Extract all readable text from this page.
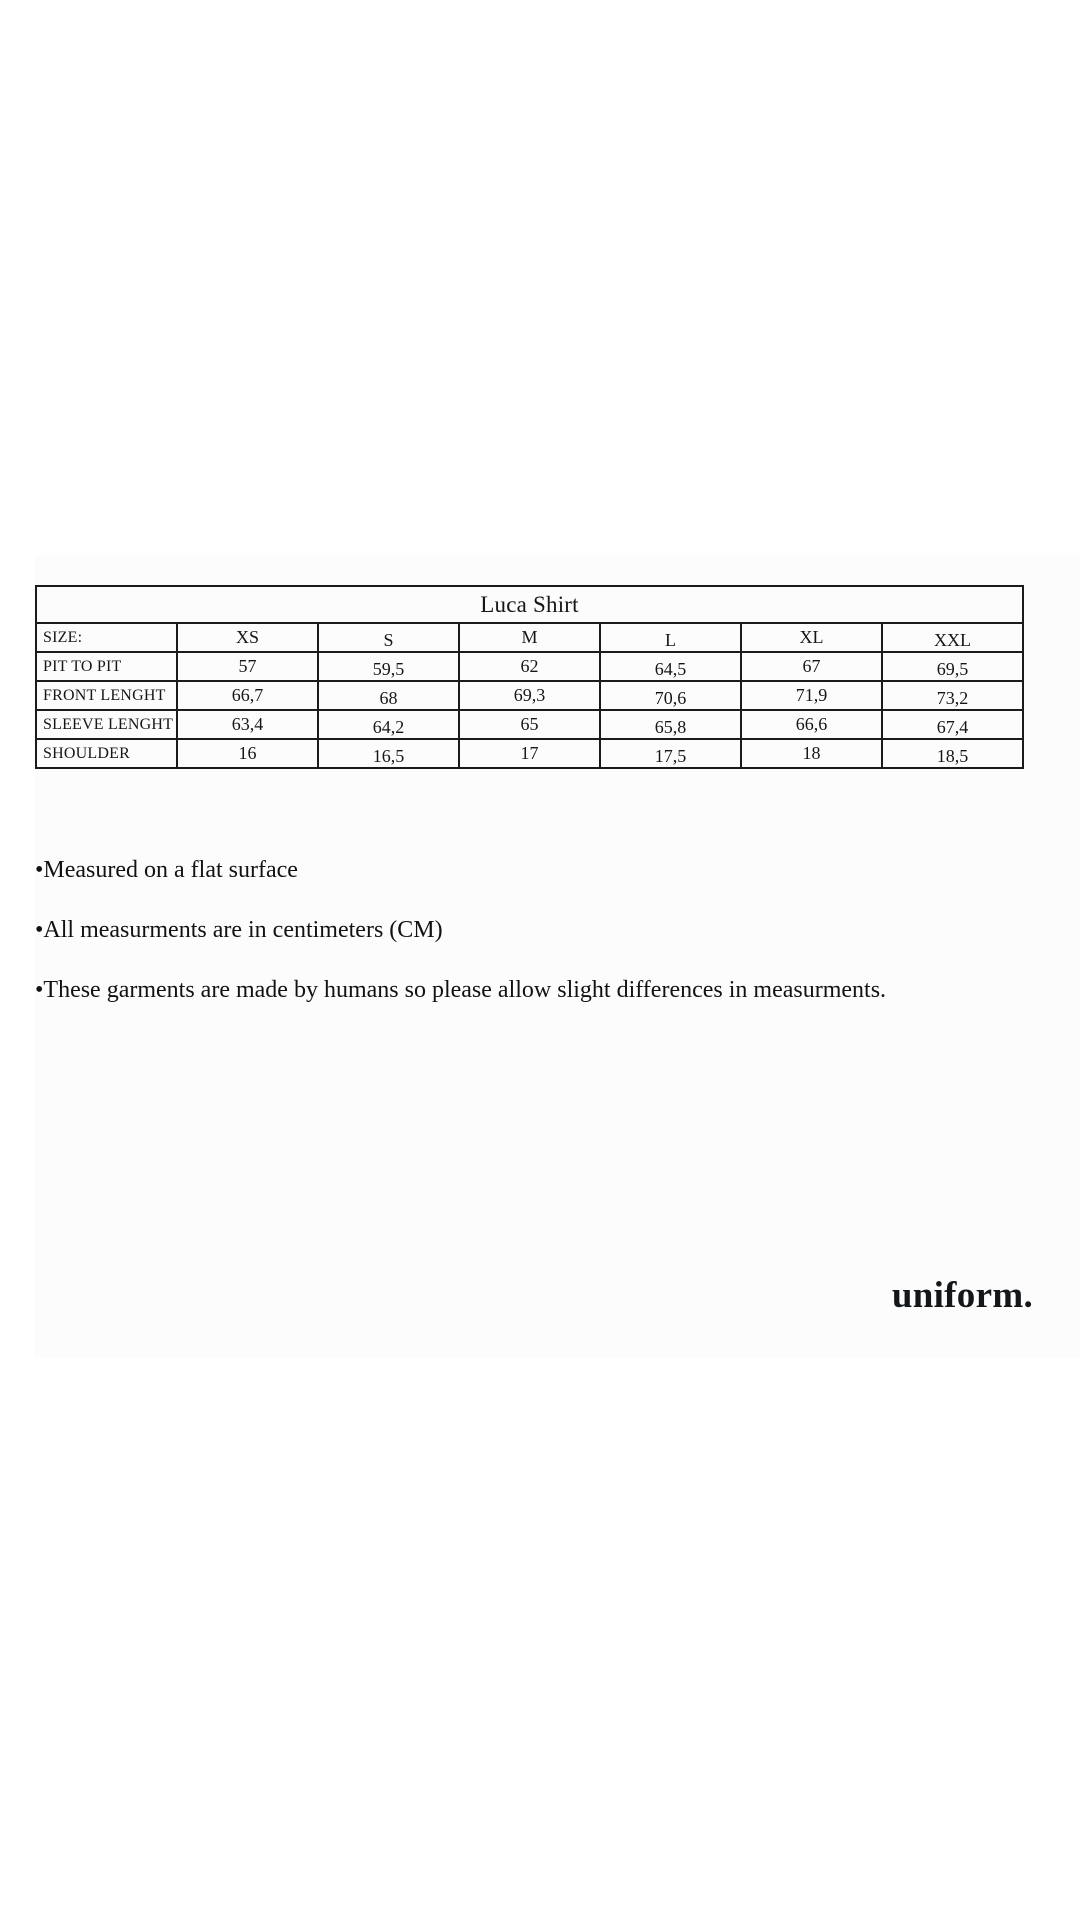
Luca Shirt						
SIZE:	XS	S	M	L	XL	XXL
PIT TO PIT	57	59,5	62	64,5	67	69,5
FRONT LENGHT	66,7	68	69,3	70,6	71,9	73,2
SLEEVE LENGHT	63,4	64,2	65	65,8	66,6	67,4
SHOULDER	16	16,5	17	17,5	18	18,5

•Measured on a flat surface

•All measurments are in centimeters (CM)

•These garments are made by humans so please allow slight differences in measurments.

uniform.
